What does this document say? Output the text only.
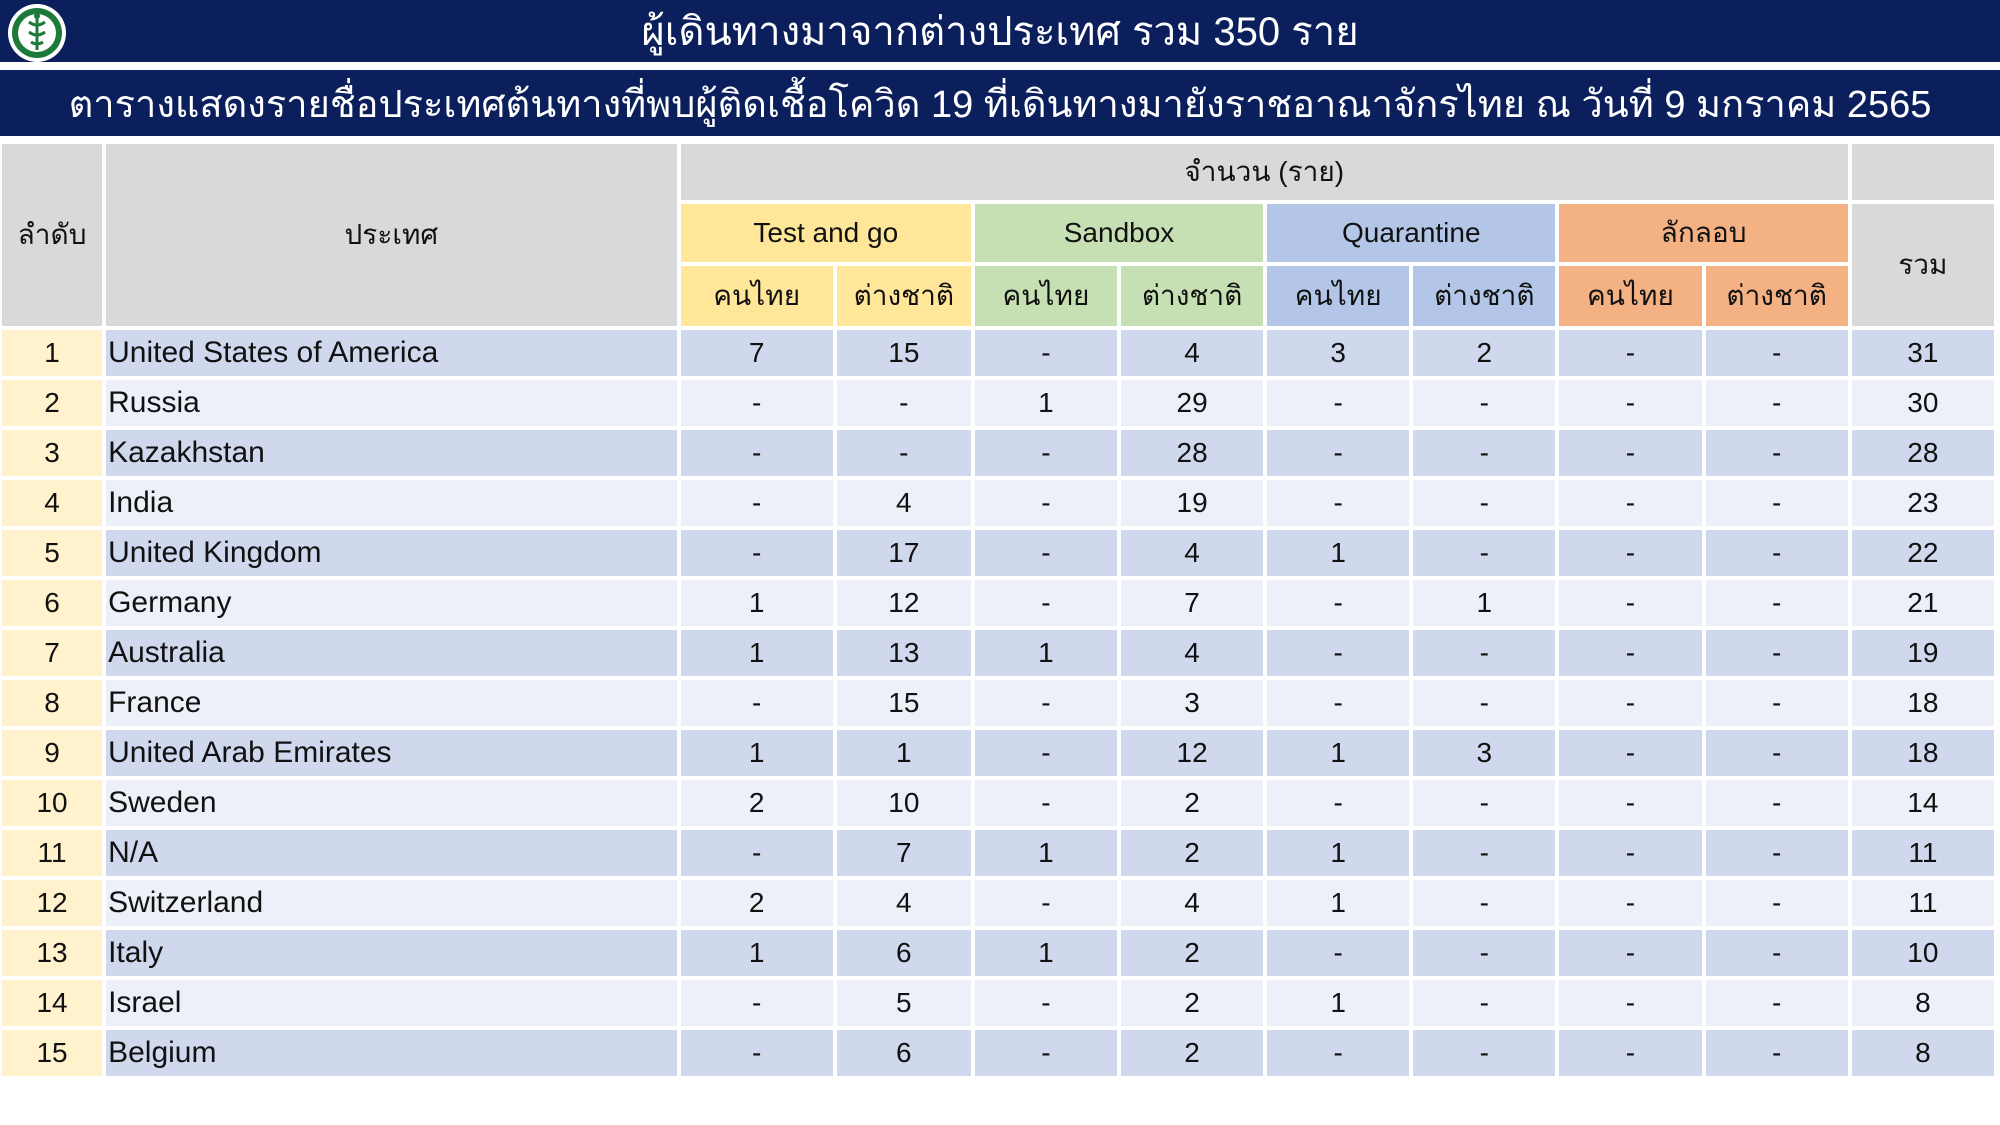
ผู้เดินทางมาจากต่างประเทศ รวม 350 ราย
ตารางแสดงรายชื่อประเทศต้นทางที่พบผู้ติดเชื้อโควิด 19 ที่เดินทางมายังราชอาณาจักรไทย ณ วันที่ 9 มกราคม 2565
ลำดับ	ประเทศ	จำนวน (ราย)								
		Test and go		Sandbox		Quarantine		ลักลอบ		รวม
		คนไทย	ต่างชาติ	คนไทย	ต่างชาติ	คนไทย	ต่างชาติ	คนไทย	ต่างชาติ	
1	United States of America	7	15	-	4	3	2	-	-	31
2	Russia	-	-	1	29	-	-	-	-	30
3	Kazakhstan	-	-	-	28	-	-	-	-	28
4	India	-	4	-	19	-	-	-	-	23
5	United Kingdom	-	17	-	4	1	-	-	-	22
6	Germany	1	12	-	7	-	1	-	-	21
7	Australia	1	13	1	4	-	-	-	-	19
8	France	-	15	-	3	-	-	-	-	18
9	United Arab Emirates	1	1	-	12	1	3	-	-	18
10	Sweden	2	10	-	2	-	-	-	-	14
11	N/A	-	7	1	2	1	-	-	-	11
12	Switzerland	2	4	-	4	1	-	-	-	11
13	Italy	1	6	1	2	-	-	-	-	10
14	Israel	-	5	-	2	1	-	-	-	8
15	Belgium	-	6	-	2	-	-	-	-	8
